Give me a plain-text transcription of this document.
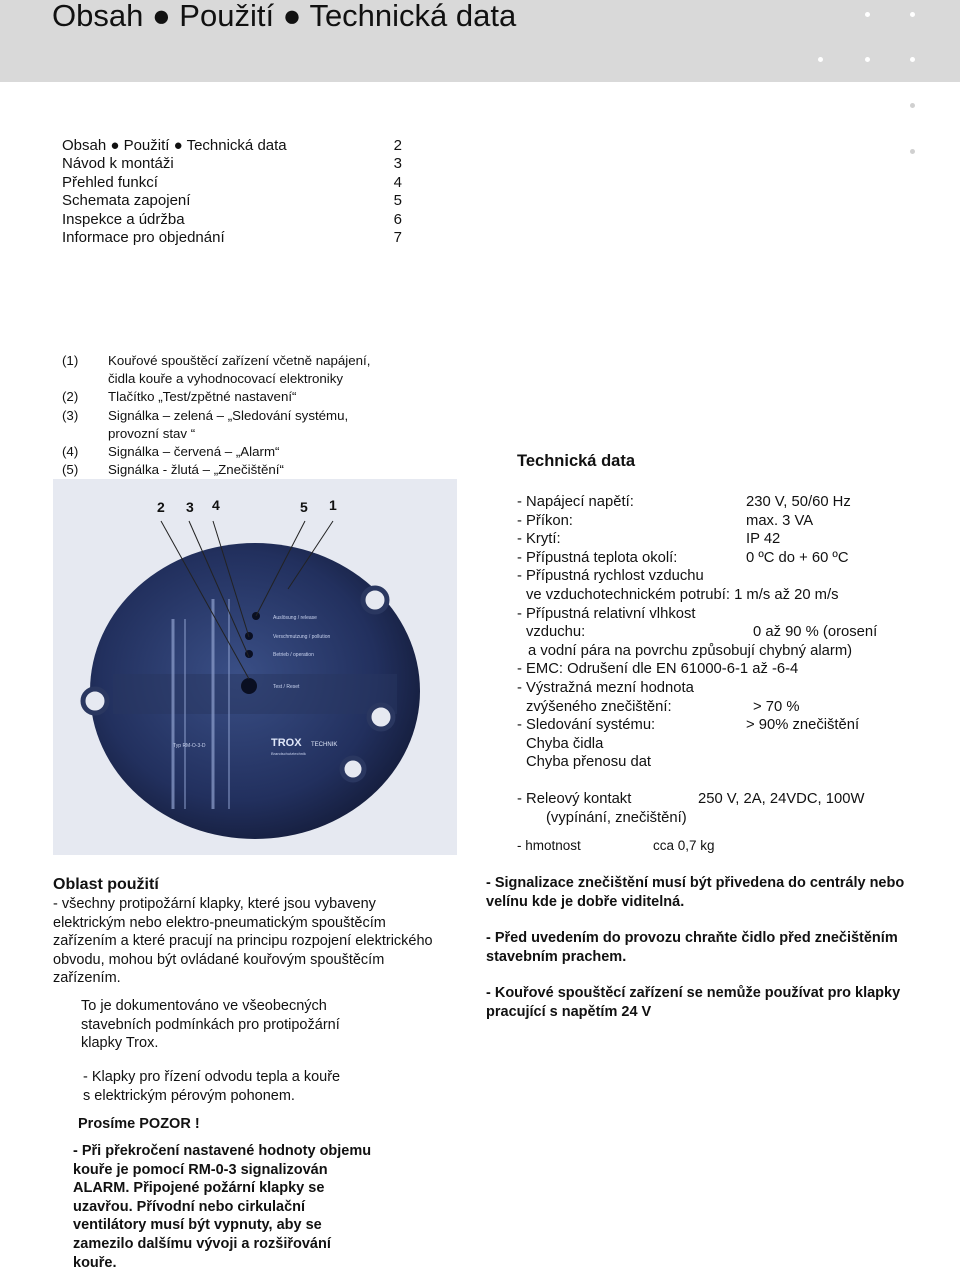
Obsah ● Použití ● Technická data
Obsah ● Použití ● Technická data	2
Návod k montáži	3
Přehled funkcí	4
Schemata zapojení	5
Inspekce a údržba	6
Informace pro objednání	7
(1)	Kouřové spouštěcí zařízení včetně napájení,
čidla kouře a vyhodnocovací elektroniky
(2)	Tlačítko „Test/zpětné nastavení“
(3)	Signálka – zelená – „Sledování systému,
provozní stav “
(4)	Signálka – červená – „Alarm“
(5)	Signálka - žlutá – „Znečištění“
2 3 4	5 1
Auslösung / release
Verschmutzung / pollution
Betrieb / operation
Test / Reset
Typ RM-O-3-D	TROX TECHNIK
Brandschutztechnik
Technická data
- Napájecí napětí:	230 V, 50/60 Hz
- Příkon:	max. 3 VA
- Krytí:	IP 42
- Přípustná teplota okolí:	0 ºC do + 60 ºC
- Přípustná rychlost vzduchu
ve vzduchotechnickém potrubí: 1 m/s až 20 m/s
- Přípustná relativní vlhkost
vzduchu:	0 až 90 % (orosení
a vodní pára na povrchu způsobují chybný alarm)
- EMC: Odrušení dle EN 61000-6-1 až -6-4
- Výstražná mezní hodnota
zvýšeného znečištění:	> 70 %
- Sledování systému:	> 90% znečištění
Chyba čidla
Chyba přenosu dat
- Releový kontakt	250 V, 2A, 24VDC, 100W
(vypínání, znečištění)
- hmotnost	cca 0,7 kg
- Signalizace znečištění musí být přivedena do centrály nebo velínu kde je dobře viditelná.
- Před uvedením do provozu chraňte čidlo před znečištěním stavebním prachem.
- Kouřové spouštěcí zařízení se nemůže používat pro klapky pracující s napětím 24 V
Oblast použití
- všechny protipožární klapky, které jsou vybaveny elektrickým nebo elektro-pneumatickým spouštěcím zařízením a které pracují na principu rozpojení elektrického obvodu, mohou být ovládané kouřovým spouštěcím zařízením.
To je dokumentováno ve všeobecných
stavebních podmínkách pro protipožární
klapky Trox.
- Klapky pro řízení odvodu tepla a kouře
s elektrickým pérovým pohonem.
Prosíme POZOR !
- Při překročení nastavené hodnoty objemu
kouře je pomocí RM-0-3 signalizován
ALARM. Připojené požární klapky se
uzavřou. Přívodní nebo cirkulační
ventilátory musí být vypnuty, aby se
zamezilo dalšímu vývoji a rozšiřování
kouře.
